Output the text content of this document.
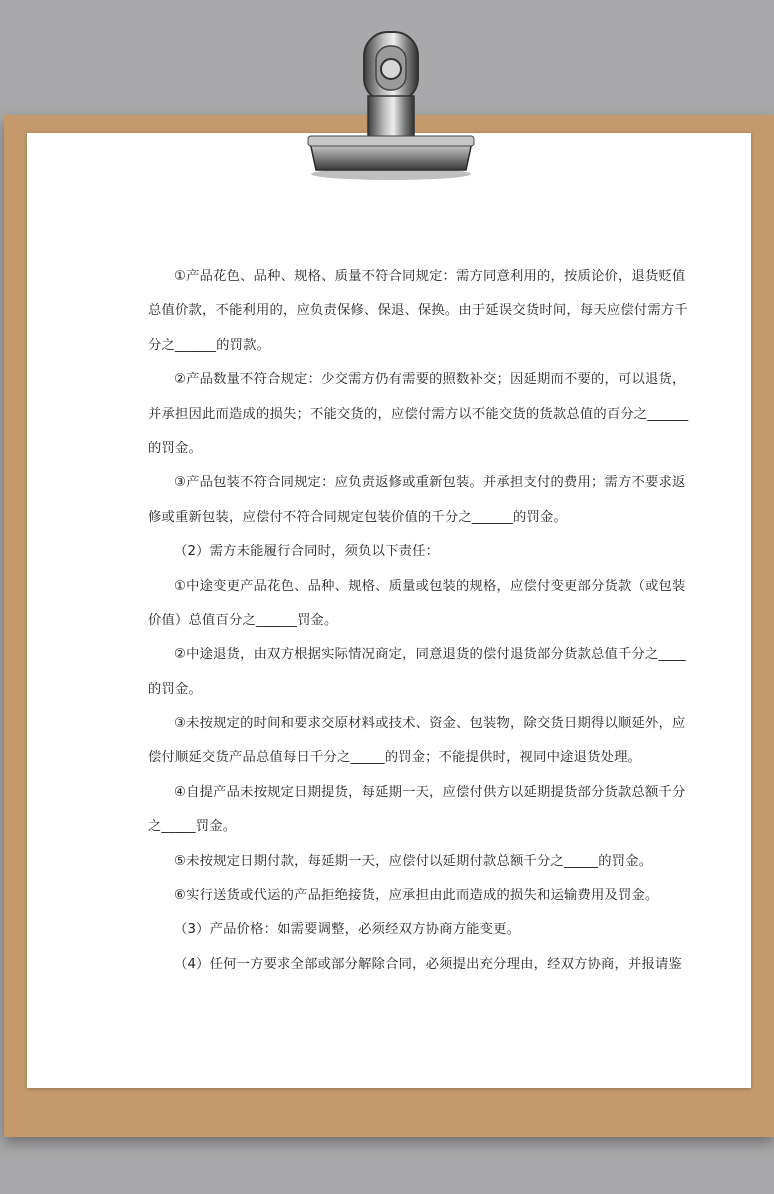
①产品花色、品种、规格、质量不符合同规定：需方同意利用的，按质论价，退货贬值
总值价款，不能利用的，应负责保修、保退、保换。由于延误交货时间，每天应偿付需方千
分之______的罚款。
②产品数量不符合规定：少交需方仍有需要的照数补交；因延期而不要的，可以退货，
并承担因此而造成的损失；不能交货的，应偿付需方以不能交货的货款总值的百分之______
的罚金。
③产品包装不符合同规定：应负责返修或重新包装。并承担支付的费用；需方不要求返
修或重新包装，应偿付不符合同规定包装价值的千分之______的罚金。
（2）需方未能履行合同时，须负以下责任：
①中途变更产品花色、品种、规格、质量或包装的规格，应偿付变更部分货款（或包装
价值）总值百分之______罚金。
②中途退货，由双方根据实际情况商定，同意退货的偿付退货部分货款总值千分之____
的罚金。
③未按规定的时间和要求交原材料或技术、资金、包装物，除交货日期得以顺延外，应
偿付顺延交货产品总值每日千分之_____的罚金；不能提供时，视同中途退货处理。
④自提产品未按规定日期提货，每延期一天，应偿付供方以延期提货部分货款总额千分
之_____罚金。
⑤未按规定日期付款，每延期一天，应偿付以延期付款总额千分之_____的罚金。
⑥实行送货或代运的产品拒绝接货，应承担由此而造成的损失和运输费用及罚金。
（3）产品价格：如需要调整，必须经双方协商方能变更。
（4）任何一方要求全部或部分解除合同，必须提出充分理由，经双方协商，并报请鉴
